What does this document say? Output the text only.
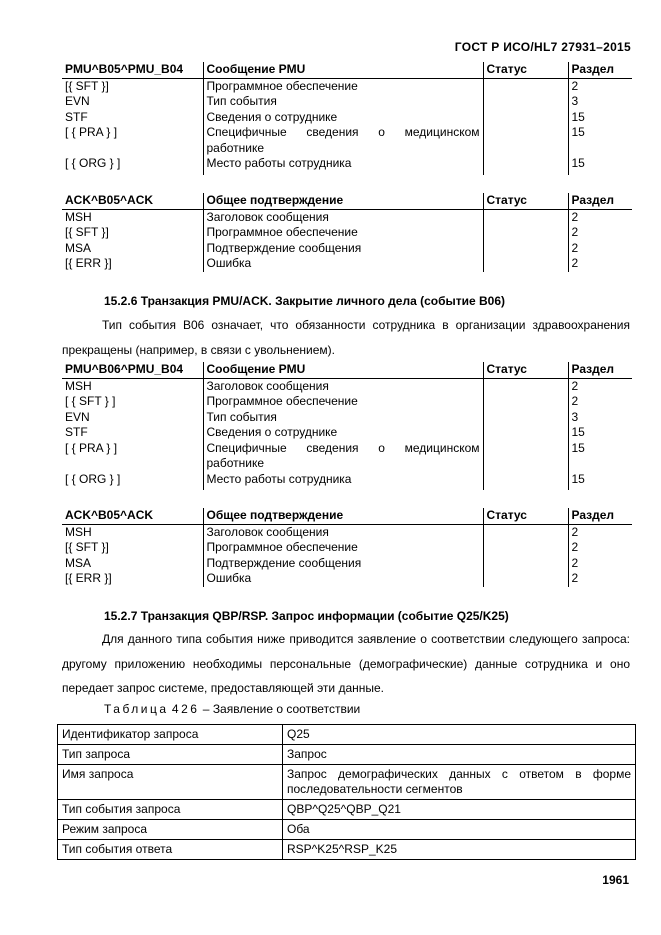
ГОСТ Р ИСО/HL7 27931–2015
PMU^B05^PMU_B04	Сообщение PMU	Статус	Раздел
[{ SFT }]	Программное обеспечение		2
EVN	Тип события		3
STF	Сведения о сотруднике		15
[ { PRA } ]	Специфичные сведения о медицинском работнике		15
[ { ORG } ]	Место работы сотрудника		15

ACK^B05^ACK	Общее подтверждение	Статус	Раздел
MSH	Заголовок сообщения		2
[{ SFT }]	Программное обеспечение		2
MSA	Подтверждение сообщения		2
[{ ERR }]	Ошибка		2
15.2.6 Транзакция PMU/ACK. Закрытие личного дела (событие B06)
Тип события B06 означает, что обязанности сотрудника в организации здравоохранения прекращены (например, в связи с увольнением).
PMU^B06^PMU_B04	Сообщение PMU	Статус	Раздел
MSH	Заголовок сообщения		2
[ { SFT } ]	Программное обеспечение		2
EVN	Тип события		3
STF	Сведения о сотруднике		15
[ { PRA } ]	Специфичные сведения о медицинском работнике		15
[ { ORG } ]	Место работы сотрудника		15

ACK^B05^ACK	Общее подтверждение	Статус	Раздел
MSH	Заголовок сообщения		2
[{ SFT }]	Программное обеспечение		2
MSA	Подтверждение сообщения		2
[{ ERR }]	Ошибка		2
15.2.7 Транзакция QBP/RSP. Запрос информации (событие Q25/K25)
Для данного типа события ниже приводится заявление о соответствии следующего запроса: другому приложению необходимы персональные (демографические) данные сотрудника и оно передает запрос системе, предоставляющей эти данные.
Таблица 426 – Заявление о соответствии
Идентификатор запроса	Q25
Тип запроса	Запрос
Имя запроса	Запрос демографических данных с ответом в форме последовательности сегментов
Тип события запроса	QBP^Q25^QBP_Q21
Режим запроса	Оба
Тип события ответа	RSP^K25^RSP_K25
1961
